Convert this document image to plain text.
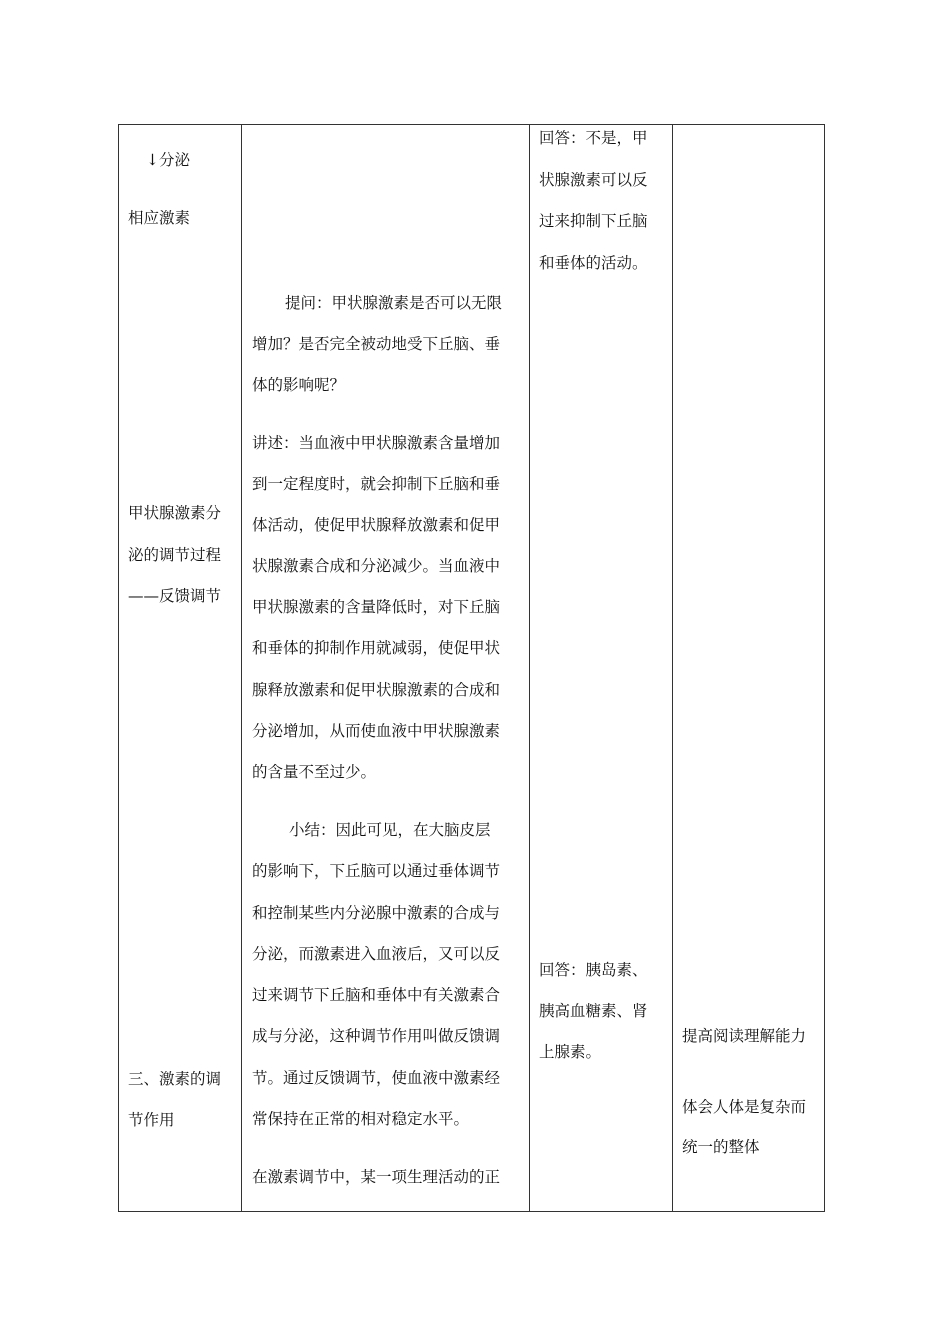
↓分泌
相应激素
甲状腺激素分
泌的调节过程
——反馈调节
三、激素的调
节作用
提问：甲状腺激素是否可以无限
增加？是否完全被动地受下丘脑、垂
体的影响呢？
讲述：当血液中甲状腺激素含量增加
到一定程度时，就会抑制下丘脑和垂
体活动，使促甲状腺释放激素和促甲
状腺激素合成和分泌减少。当血液中
甲状腺激素的含量降低时，对下丘脑
和垂体的抑制作用就减弱，使促甲状
腺释放激素和促甲状腺激素的合成和
分泌增加，从而使血液中甲状腺激素
的含量不至过少。
小结：因此可见，在大脑皮层
的影响下，下丘脑可以通过垂体调节
和控制某些内分泌腺中激素的合成与
分泌，而激素进入血液后，又可以反
过来调节下丘脑和垂体中有关激素合
成与分泌，这种调节作用叫做反馈调
节。通过反馈调节，使血液中激素经
常保持在正常的相对稳定水平。
在激素调节中，某一项生理活动的正
回答：不是，甲
状腺激素可以反
过来抑制下丘脑
和垂体的活动。
回答：胰岛素、
胰高血糖素、肾
上腺素。
提高阅读理解能力
体会人体是复杂而
统一的整体
